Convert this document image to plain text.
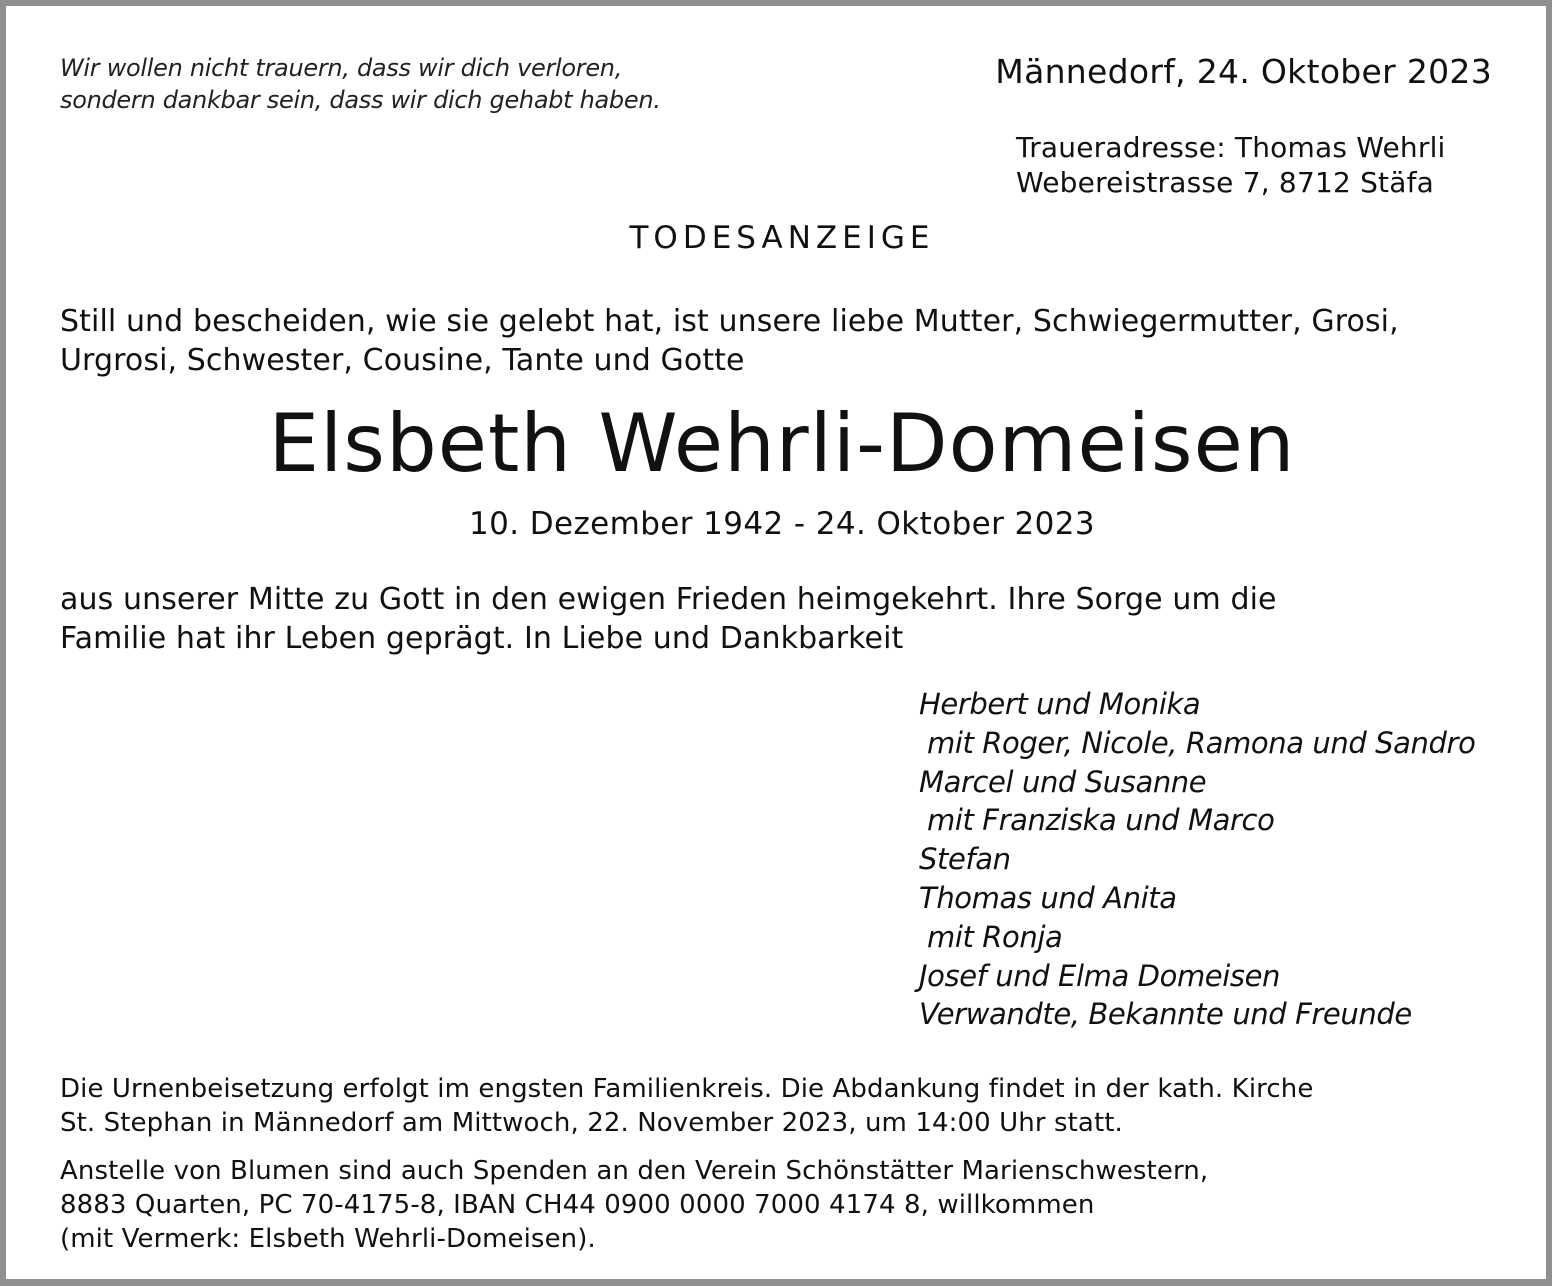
Wir wollen nicht trauern, dass wir dich verloren,
sondern dankbar sein, dass wir dich gehabt haben.
Männedorf, 24. Oktober 2023
Traueradresse: Thomas Wehrli
Webereistrasse 7, 8712 Stäfa
TODESANZEIGE
Still und bescheiden, wie sie gelebt hat, ist unsere liebe Mutter, Schwiegermutter, Grosi,
Urgrosi, Schwester, Cousine, Tante und Gotte
Elsbeth Wehrli-Domeisen
10. Dezember 1942 - 24. Oktober 2023
aus unserer Mitte zu Gott in den ewigen Frieden heimgekehrt. Ihre Sorge um die
Familie hat ihr Leben geprägt. In Liebe und Dankbarkeit
Herbert und Monika
mit Roger, Nicole, Ramona und Sandro
Marcel und Susanne
mit Franziska und Marco
Stefan
Thomas und Anita
mit Ronja
Josef und Elma Domeisen
Verwandte, Bekannte und Freunde
Die Urnenbeisetzung erfolgt im engsten Familienkreis. Die Abdankung findet in der kath. Kirche
St. Stephan in Männedorf am Mittwoch, 22. November 2023, um 14:00 Uhr statt.
Anstelle von Blumen sind auch Spenden an den Verein Schönstätter Marienschwestern,
8883 Quarten, PC 70-4175-8, IBAN CH44 0900 0000 7000 4174 8, willkommen
(mit Vermerk: Elsbeth Wehrli-Domeisen).
